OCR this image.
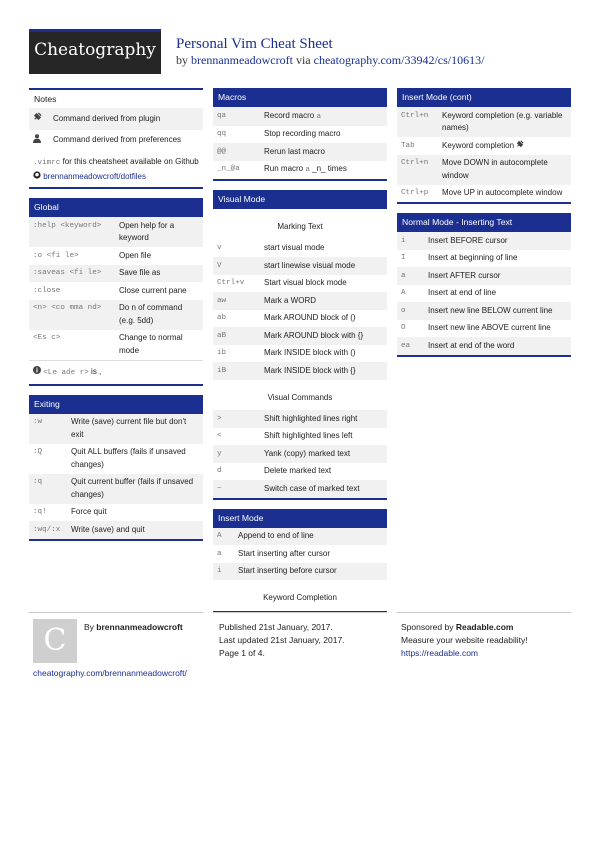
Cheatography	Personal Vim Cheat Sheet
by brennanmeadowcroft via cheatography.com/33942/cs/10613/
Notes
Command derived from plugin
Command derived from preferences
.vimrc for this cheatsheet available on Github  brennanmeadowcroft/dotfiles
Global
:help <keyword>	Open help for a keyword
:o <fi le>	Open file
:saveas <fi le>	Save file as
:close	Close current pane
<n> <co mma nd>	Do n of command (e.g. 5dd)
<Es c>	Change to normal mode
<Le ade r> is ,
Exiting
:w	Write (save) current file but don't exit
:Q	Quit ALL buffers (fails if unsaved changes)
:q	Quit current buffer (fails if unsaved changes)
:q!	Force quit
:wq/:x	Write (save) and quit
Macros
qa	Record macro a
qq	Stop recording macro
@@	Rerun last macro
_n_@a	Run macro a _n_ times
Visual Mode
Marking Text
v	start visual mode
V	start linewise visual mode
Ctrl+v	Start visual block mode
aw	Mark a WORD
ab	Mark AROUND block of ()
aB	Mark AROUND block with {}
ib	Mark INSIDE block with ()
iB	Mark INSIDE block with {}
Visual Commands
>	Shift highlighted lines right
<	Shift highlighted lines left
y	Yank (copy) marked text
d	Delete marked text
~	Switch case of marked text
Insert Mode
A	Append to end of line
a	Start inserting after cursor
i	Start inserting before cursor
Keyword Completion
Insert Mode (cont)
Ctrl+n	Keyword completion (e.g. variable names)
Tab	Keyword completion
Ctrl+n	Move DOWN in autocomplete window
Ctrl+p	Move UP in autocomplete window
Normal Mode - Inserting Text
i	Insert BEFORE cursor
I	Insert at beginning of line
a	Insert AFTER cursor
A	Insert at end of line
o	Insert new line BELOW current line
O	Insert new line ABOVE current line
ea	Insert at end of the word
C	By brennanmeadowcroft
cheatography.com/brennanmeadowcroft/
Published 21st January, 2017.
Last updated 21st January, 2017.
Page 1 of 4.
Sponsored by Readable.com
Measure your website readability!
https://readable.com
